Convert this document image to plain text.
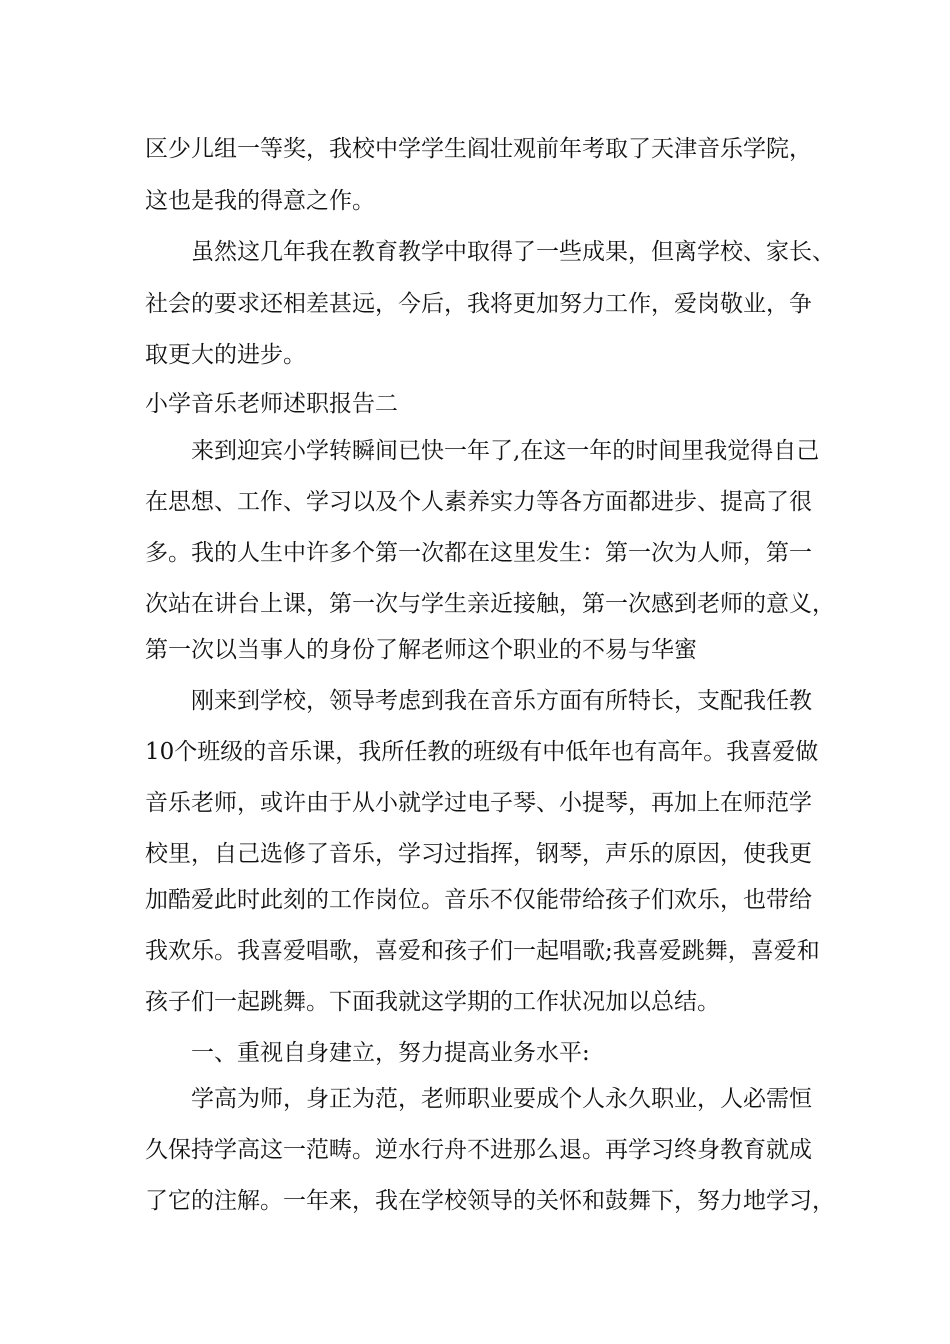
区少儿组一等奖，我校中学学生阎壮观前年考取了天津音乐学院，
这也是我的得意之作。
虽然这几年我在教育教学中取得了一些成果，但离学校、家长、
社会的要求还相差甚远，今后，我将更加努力工作，爱岗敬业，争
取更大的进步。
小学音乐老师述职报告二
来到迎宾小学转瞬间已快一年了,在这一年的时间里我觉得自己
在思想、工作、学习以及个人素养实力等各方面都进步、提高了很
多。我的人生中许多个第一次都在这里发生：第一次为人师，第一
次站在讲台上课，第一次与学生亲近接触，第一次感到老师的意义，
第一次以当事人的身份了解老师这个职业的不易与华蜜
刚来到学校，领导考虑到我在音乐方面有所特长，支配我任教
10个班级的音乐课，我所任教的班级有中低年也有高年。我喜爱做
音乐老师，或许由于从小就学过电子琴、小提琴，再加上在师范学
校里，自己选修了音乐，学习过指挥，钢琴，声乐的原因，使我更
加酷爱此时此刻的工作岗位。音乐不仅能带给孩子们欢乐，也带给
我欢乐。我喜爱唱歌，喜爱和孩子们一起唱歌;我喜爱跳舞，喜爱和
孩子们一起跳舞。下面我就这学期的工作状况加以总结。
一、重视自身建立，努力提高业务水平:
学高为师，身正为范，老师职业要成个人永久职业，人必需恒
久保持学高这一范畴。逆水行舟不进那么退。再学习终身教育就成
了它的注解。一年来，我在学校领导的关怀和鼓舞下，努力地学习，
